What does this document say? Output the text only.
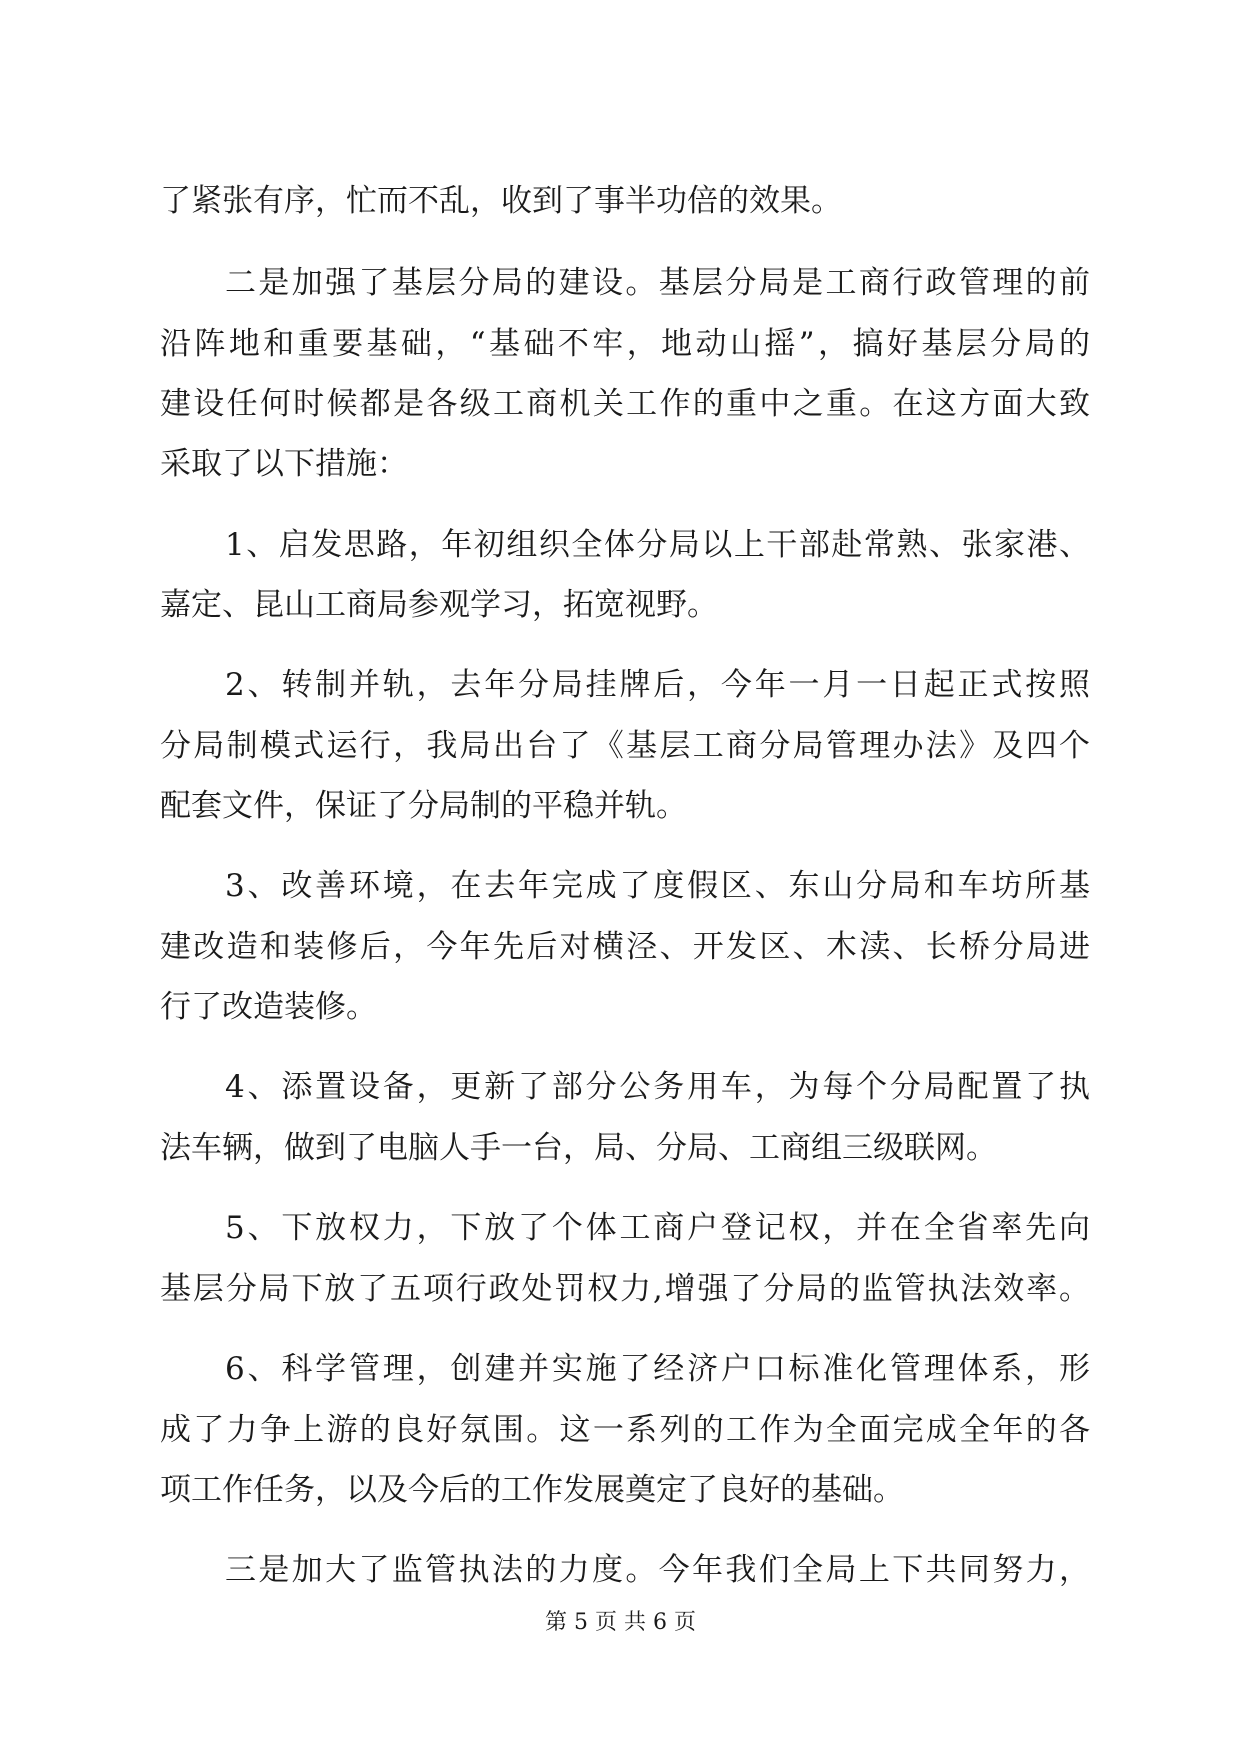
了紧张有序，忙而不乱，收到了事半功倍的效果。
二是加强了基层分局的建设。基层分局是工商行政管理的前
沿阵地和重要基础，“基础不牢，地动山摇”，搞好基层分局的
建设任何时候都是各级工商机关工作的重中之重。在这方面大致
采取了以下措施：
1、启发思路，年初组织全体分局以上干部赴常熟、张家港、
嘉定、昆山工商局参观学习，拓宽视野。
2、转制并轨，去年分局挂牌后，今年一月一日起正式按照
分局制模式运行，我局出台了《基层工商分局管理办法》及四个
配套文件，保证了分局制的平稳并轨。
3、改善环境，在去年完成了度假区、东山分局和车坊所基
建改造和装修后，今年先后对横泾、开发区、木渎、长桥分局进
行了改造装修。
4、添置设备，更新了部分公务用车，为每个分局配置了执
法车辆，做到了电脑人手一台，局、分局、工商组三级联网。
5、下放权力，下放了个体工商户登记权，并在全省率先向
基层分局下放了五项行政处罚权力,增强了分局的监管执法效率。
6、科学管理，创建并实施了经济户口标准化管理体系，形
成了力争上游的良好氛围。这一系列的工作为全面完成全年的各
项工作任务，以及今后的工作发展奠定了良好的基础。
三是加大了监管执法的力度。今年我们全局上下共同努力，
第 5 页 共 6 页
